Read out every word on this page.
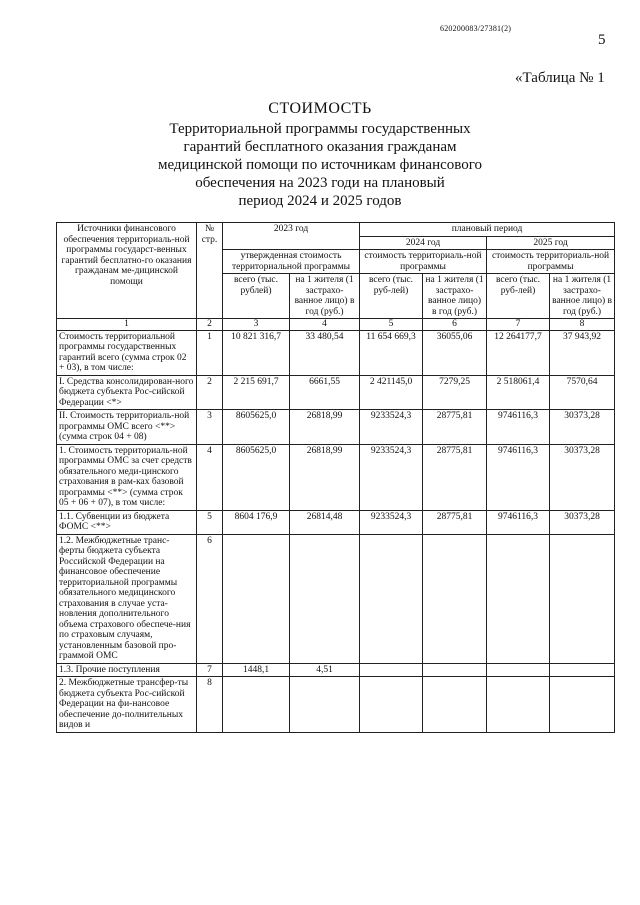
620200083/27381(2)
5
«Таблица № 1
СТОИМОСТЬ
Территориальной программы государственных
гарантий бесплатного оказания гражданам
медицинской помощи по источникам финансового
обеспечения на 2023 годи на плановый
период 2024 и 2025 годов
Источники финансового обеспечения территориаль-ной программы государст-венных гарантий бесплатно-го оказания гражданам ме-дицинской помощи	№ стр.	2023 год		плановый период			
				2024 год		2025 год	
		утвержденная стоимость территориальной программы		стоимость территориаль-ной программы		стоимость территориаль-ной программы	
		всего (тыс. рублей)	на 1 жителя (1 застрахо-ванное лицо) в год (руб.)	всего (тыс. руб-лей)	на 1 жителя (1 застрахо-ванное лицо) в год (руб.)	всего (тыс. руб-лей)	на 1 жителя (1 застрахо-ванное лицо) в год (руб.)
1	2	3	4	5	6	7	8
Стоимость территориальной программы государственных гарантий всего (сумма строк 02 + 03), в том числе:	1	10 821 316,7	33 480,54	11 654 669,3	36055,06	12 264177,7	37 943,92
I. Средства консолидирован-ного бюджета субъекта Рос-сийской Федерации <*>	2	2 215 691,7	6661,55	2 421145,0	7279,25	2 518061,4	7570,64
II. Стоимость территориаль-ной программы ОМС всего <**> (сумма строк 04 + 08)	3	8605625,0	26818,99	9233524,3	28775,81	9746116,3	30373,28
1. Стоимость территориаль-ной программы ОМС за счет средств обязательного меди-цинского страхования в рам-ках базовой программы <**> (сумма строк 05 + 06 + 07), в том числе:	4	8605625,0	26818,99	9233524,3	28775,81	9746116,3	30373,28
1.1. Субвенции из бюджета ФОМС <**>	5	8604 176,9	26814,48	9233524,3	28775,81	9746116,3	30373,28
1.2. Межбюджетные транс-ферты бюджета субъекта Российской Федерации на финансовое обеспечение территориальной программы обязательного медицинского страхования в случае уста-новления дополнительного объема страхового обеспече-ния по страховым случаям, установленным базовой про-граммой ОМС	6						
1.3. Прочие поступления	7	1448,1	4,51				
2. Межбюджетные трансфер-ты бюджета субъекта Рос-сийской Федерации на фи-нансовое обеспечение до-полнительных видов и	8						
